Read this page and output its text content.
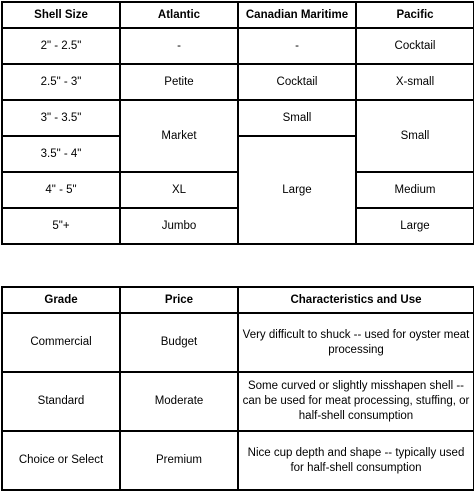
Shell Size	Atlantic	Canadian Maritime	Pacific
2" - 2.5"	-	-	Cocktail
2.5" - 3"	Petite	Cocktail	X-small
3" - 3.5"	Market	Small	Small
3.5" - 4"		Large	
4" - 5"	XL		Medium
5"+	Jumbo		Large
Grade	Price	Characteristics and Use
Commercial	Budget	Very difficult to shuck -- used for oyster meat processing
Standard	Moderate	Some curved or slightly misshapen shell -- can be used for meat processing, stuffing, or half-shell consumption
Choice or Select	Premium	Nice cup depth and shape -- typically used for half-shell consumption
